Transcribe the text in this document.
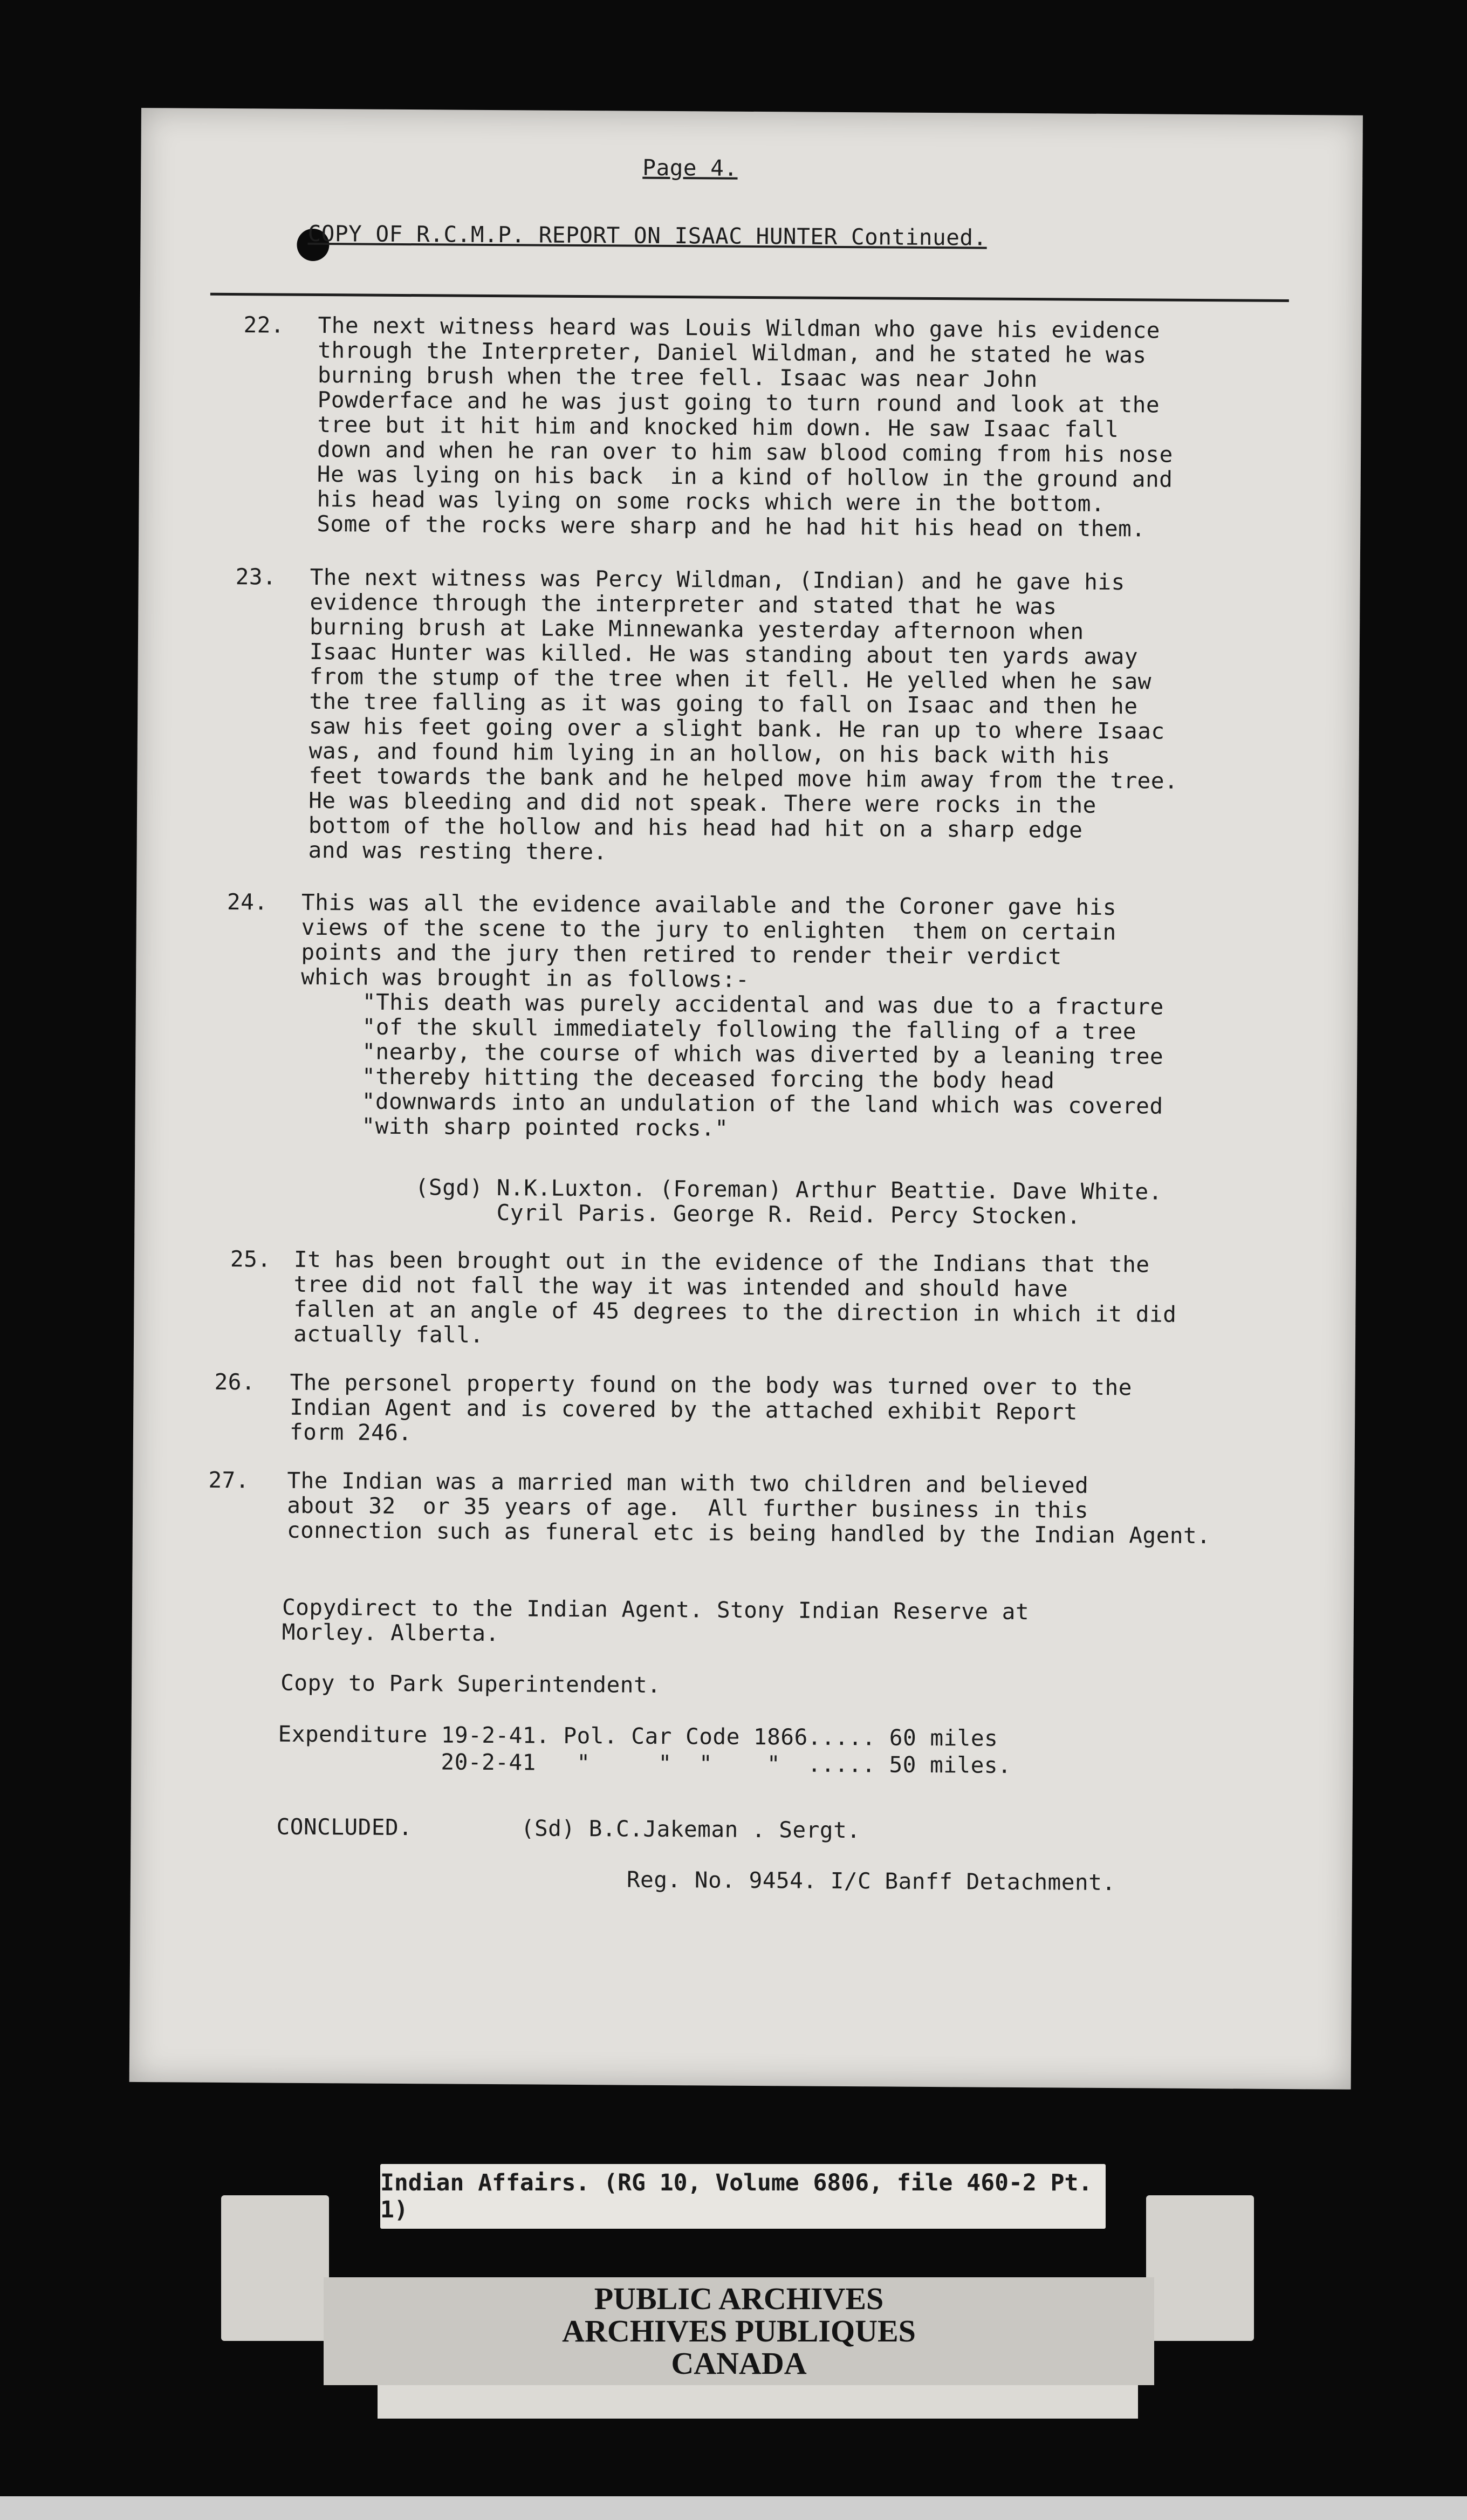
Page 4.
COPY OF R.C.M.P. REPORT ON ISAAC HUNTER Continued.
22. The next witness heard was Louis Wildman who gave his evidence
through the Interpreter, Daniel Wildman, and he stated he was
burning brush when the tree fell. Isaac was near John
Powderface and he was just going to turn round and look at the
tree but it hit him and knocked him down. He saw Isaac fall
down and when he ran over to him saw blood coming from his nose
He was lying on his back  in a kind of hollow in the ground and
his head was lying on some rocks which were in the bottom.
Some of the rocks were sharp and he had hit his head on them.
23. The next witness was Percy Wildman, (Indian) and he gave his
evidence through the interpreter and stated that he was
burning brush at Lake Minnewanka yesterday afternoon when
Isaac Hunter was killed. He was standing about ten yards away
from the stump of the tree when it fell. He yelled when he saw
the tree falling as it was going to fall on Isaac and then he
saw his feet going over a slight bank. He ran up to where Isaac
was, and found him lying in an hollow, on his back with his
feet towards the bank and he helped move him away from the tree.
He was bleeding and did not speak. There were rocks in the
bottom of the hollow and his head had hit on a sharp edge
and was resting there.
24. This was all the evidence available and the Coroner gave his
views of the scene to the jury to enlighten  them on certain
points and the jury then retired to render their verdict
which was brought in as follows:-
"This death was purely accidental and was due to a fracture
"of the skull immediately following the falling of a tree
"nearby, the course of which was diverted by a leaning tree
"thereby hitting the deceased forcing the body head
"downwards into an undulation of the land which was covered
"with sharp pointed rocks."
(Sgd) N.K.Luxton. (Foreman) Arthur Beattie. Dave White.
Cyril Paris. George R. Reid. Percy Stocken.
25. It has been brought out in the evidence of the Indians that the
tree did not fall the way it was intended and should have
fallen at an angle of 45 degrees to the direction in which it did
actually fall.
26. The personel property found on the body was turned over to the
Indian Agent and is covered by the attached exhibit Report
form 246.
27. The Indian was a married man with two children and believed
about 32  or 35 years of age.  All further business in this
connection such as funeral etc is being handled by the Indian Agent.
Copydirect to the Indian Agent. Stony Indian Reserve at
Morley. Alberta.
Copy to Park Superintendent.
Expenditure 19-2-41. Pol. Car Code 1866..... 60 miles
20-2-41   "     "  "    "  ..... 50 miles.
CONCLUDED.        (Sd) B.C.Jakeman . Sergt.
Reg. No. 9454. I/C Banff Detachment.
PUBLIC ARCHIVES
ARCHIVES PUBLIQUES
CANADA
Indian Affairs. (RG 10, Volume 6806, file 460-2 Pt. 1)
